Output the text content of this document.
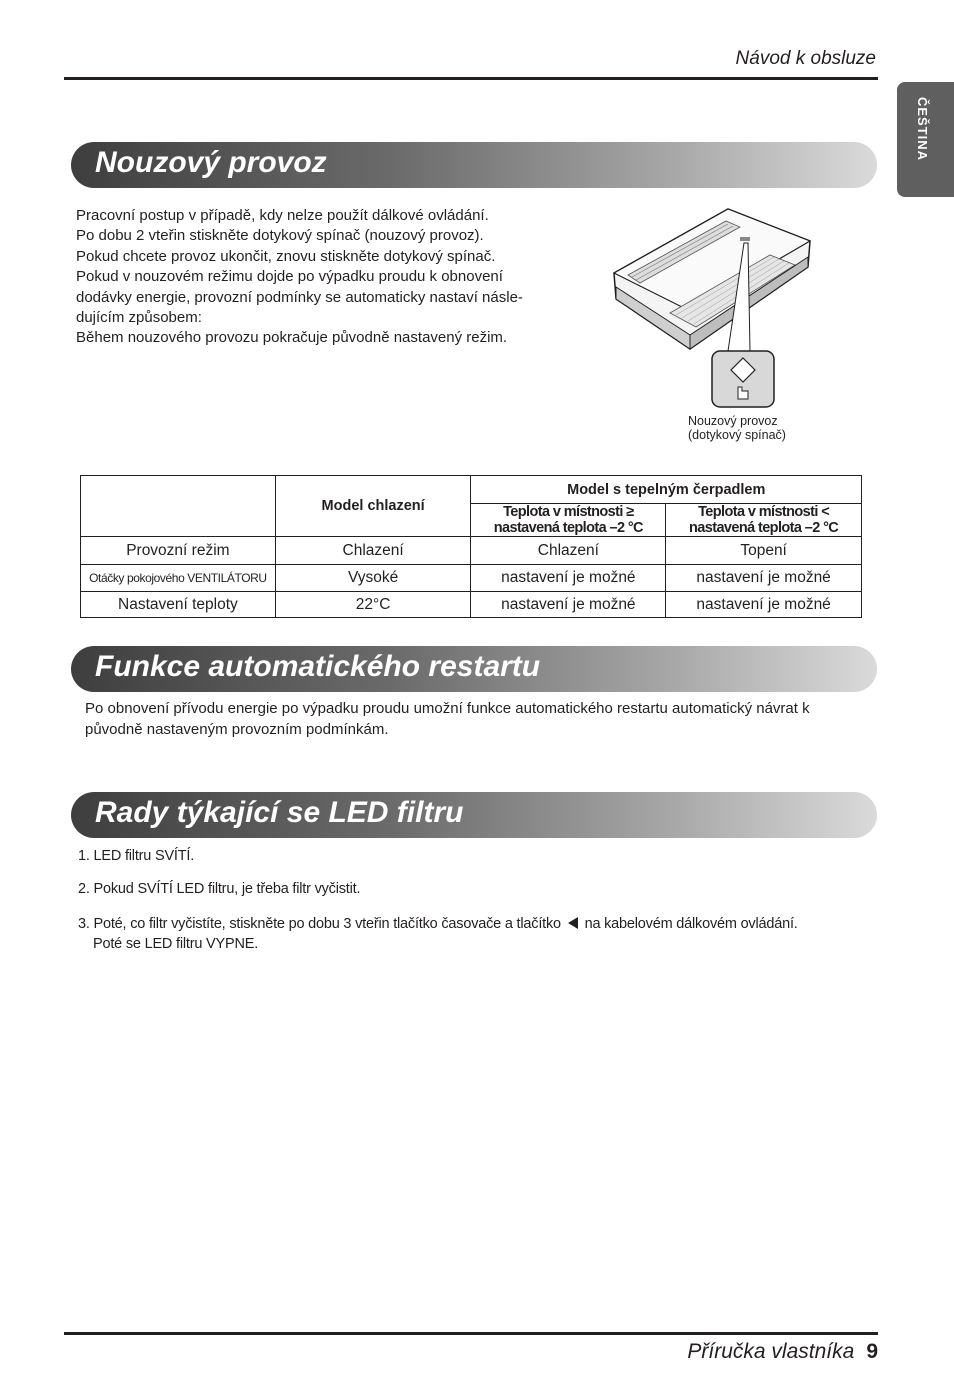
Návod k obsluze
ČEŠTINA
Nouzový provoz
Pracovní postup v případě, kdy nelze použít dálkové ovládání.
Po dobu 2 vteřin stiskněte dotykový spínač (nouzový provoz).
Pokud chcete provoz ukončit, znovu stiskněte dotykový spínač.
Pokud v nouzovém režimu dojde po výpadku proudu k obnovení
dodávky energie, provozní podmínky se automaticky nastaví násle-
dujícím způsobem:
Během nouzového provozu pokračuje původně nastavený režim.
Nouzový provoz
(dotykový spínač)
	Model chlazení	Model s tepelným čerpadlem	
		Teplota v místnosti ≥ nastavená teplota –2 °C	Teplota v místnosti < nastavená teplota –2 °C
Provozní režim	Chlazení	Chlazení	Topení
Otáčky pokojového VENTILÁTORU	Vysoké	nastavení je možné	nastavení je možné
Nastavení teploty	22°C	nastavení je možné	nastavení je možné
Funkce automatického restartu
Po obnovení přívodu energie po výpadku proudu umožní funkce automatického restartu automatický návrat k
původně nastaveným provozním podmínkám.
Rady týkající se LED filtru
1. LED filtru SVÍTÍ.
2. Pokud SVÍTÍ LED filtru, je třeba filtr vyčistit.
3. Poté, co filtr vyčistíte, stiskněte po dobu 3 vteřin tlačítko časovače a tlačítko na kabelovém dálkovém ovládání.
Poté se LED filtru VYPNE.
Příručka vlastníka 9
